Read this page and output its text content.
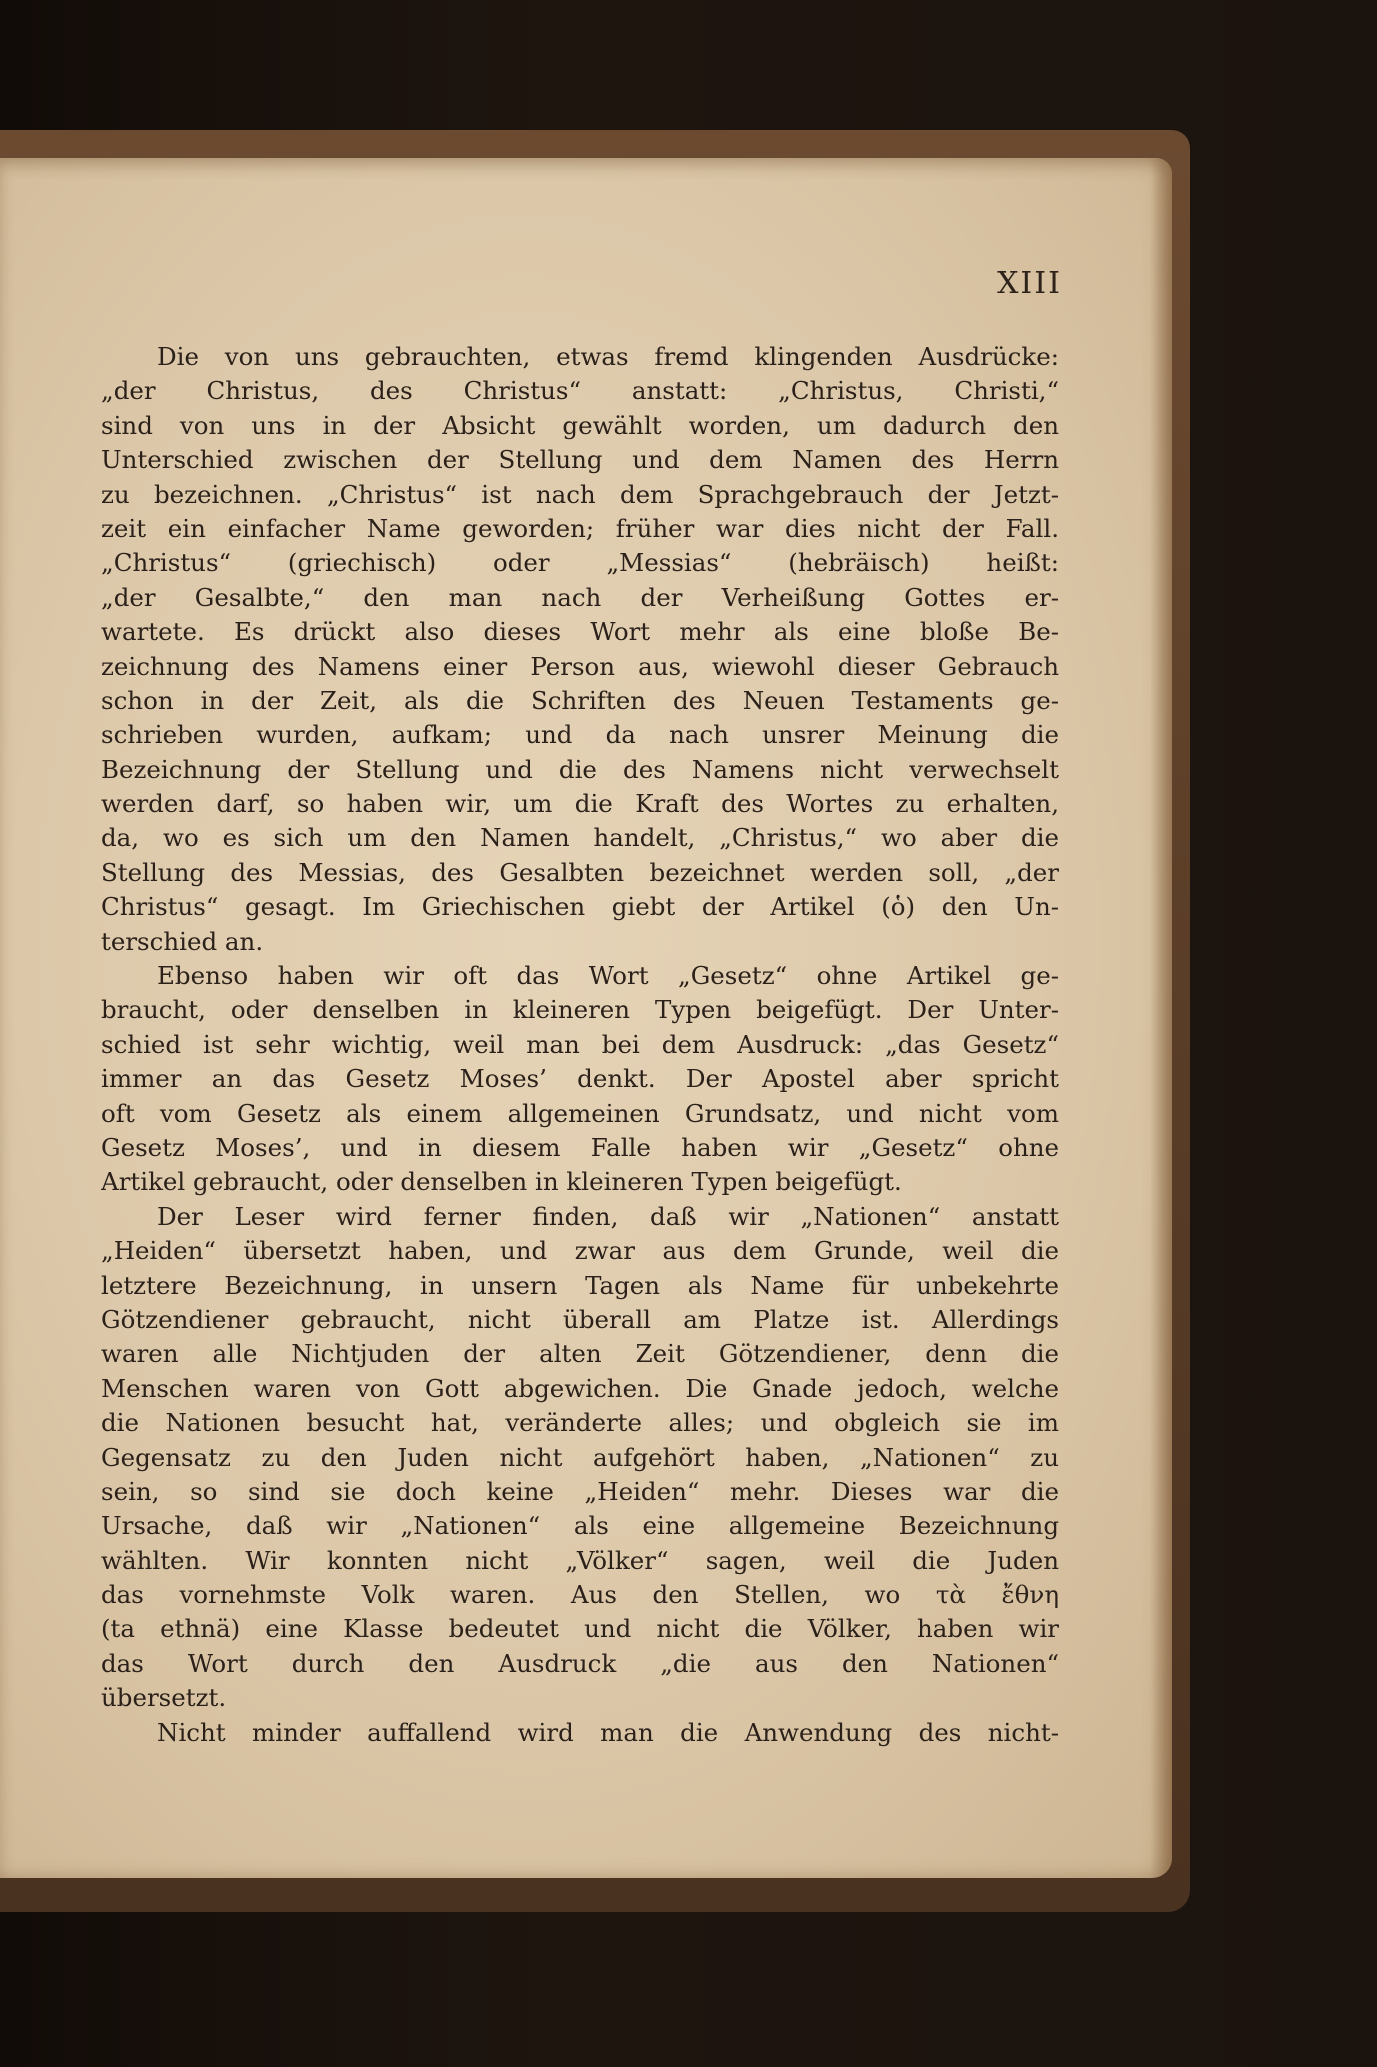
XIII
Die von uns gebrauchten, etwas fremd klingenden Ausdrücke:
„der Christus, des Christus“ anstatt: „Christus, Christi,“
sind von uns in der Absicht gewählt worden, um dadurch den
Unterschied zwischen der Stellung und dem Namen des Herrn
zu bezeichnen. „Christus“ ist nach dem Sprachgebrauch der Jetzt-
zeit ein einfacher Name geworden; früher war dies nicht der Fall.
„Christus“ (griechisch) oder „Messias“ (hebräisch) heißt:
„der Gesalbte,“ den man nach der Verheißung Gottes er-
wartete. Es drückt also dieses Wort mehr als eine bloße Be-
zeichnung des Namens einer Person aus, wiewohl dieser Gebrauch
schon in der Zeit, als die Schriften des Neuen Testaments ge-
schrieben wurden, aufkam; und da nach unsrer Meinung die
Bezeichnung der Stellung und die des Namens nicht verwechselt
werden darf, so haben wir, um die Kraft des Wortes zu erhalten,
da, wo es sich um den Namen handelt, „Christus,“ wo aber die
Stellung des Messias, des Gesalbten bezeichnet werden soll, „der
Christus“ gesagt. Im Griechischen giebt der Artikel (ὁ) den Un-
terschied an.
Ebenso haben wir oft das Wort „Gesetz“ ohne Artikel ge-
braucht, oder denselben in kleineren Typen beigefügt. Der Unter-
schied ist sehr wichtig, weil man bei dem Ausdruck: „das Gesetz“
immer an das Gesetz Moses’ denkt. Der Apostel aber spricht
oft vom Gesetz als einem allgemeinen Grundsatz, und nicht vom
Gesetz Moses’, und in diesem Falle haben wir „Gesetz“ ohne
Artikel gebraucht, oder denselben in kleineren Typen beigefügt.
Der Leser wird ferner finden, daß wir „Nationen“ anstatt
„Heiden“ übersetzt haben, und zwar aus dem Grunde, weil die
letztere Bezeichnung, in unsern Tagen als Name für unbekehrte
Götzendiener gebraucht, nicht überall am Platze ist. Allerdings
waren alle Nichtjuden der alten Zeit Götzendiener, denn die
Menschen waren von Gott abgewichen. Die Gnade jedoch, welche
die Nationen besucht hat, veränderte alles; und obgleich sie im
Gegensatz zu den Juden nicht aufgehört haben, „Nationen“ zu
sein, so sind sie doch keine „Heiden“ mehr. Dieses war die
Ursache, daß wir „Nationen“ als eine allgemeine Bezeichnung
wählten. Wir konnten nicht „Völker“ sagen, weil die Juden
das vornehmste Volk waren. Aus den Stellen, wo τὰ ἔθνη
(ta ethnä) eine Klasse bedeutet und nicht die Völker, haben wir
das Wort durch den Ausdruck „die aus den Nationen“
übersetzt.
Nicht minder auffallend wird man die Anwendung des nicht-
